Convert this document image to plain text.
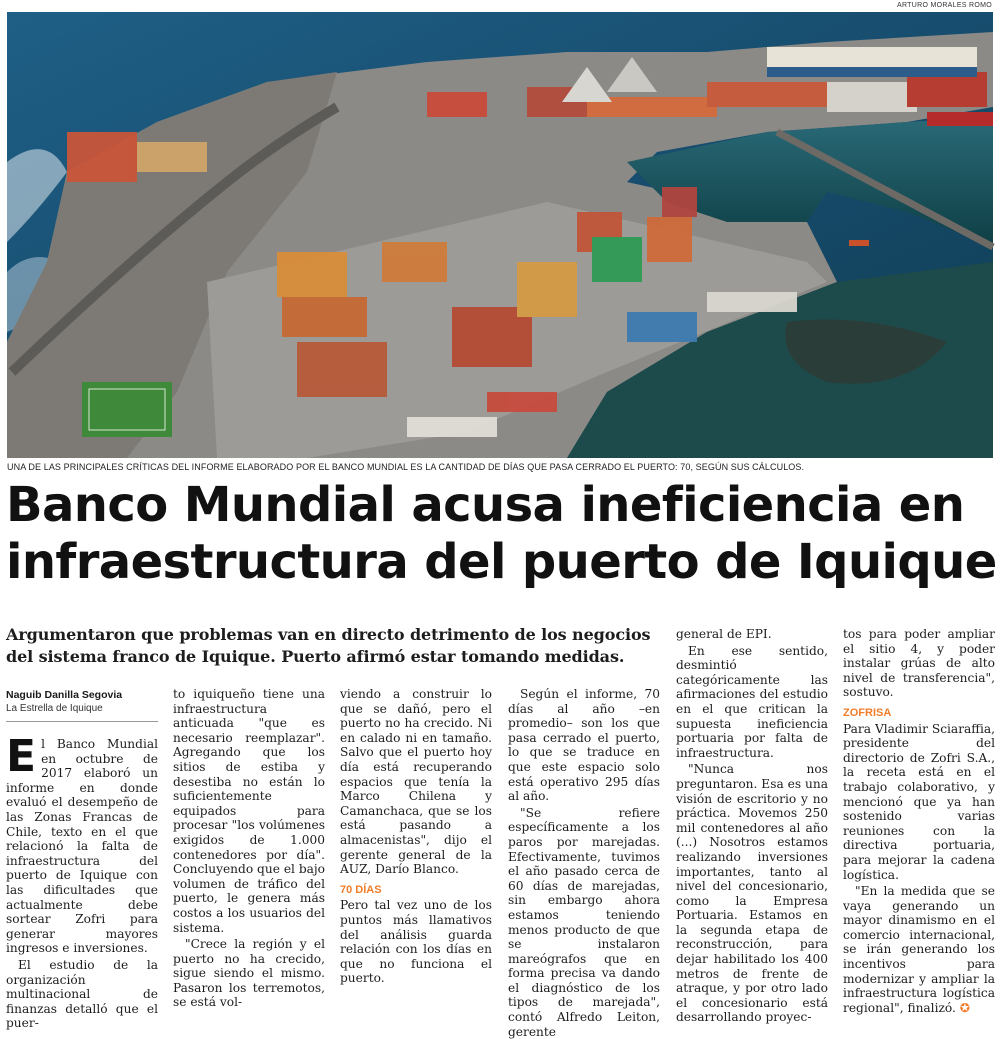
ARTURO MORALES ROMO
UNA DE LAS PRINCIPALES CRÍTICAS DEL INFORME ELABORADO POR EL BANCO MUNDIAL ES LA CANTIDAD DE DÍAS QUE PASA CERRADO EL PUERTO: 70, SEGÚN SUS CÁLCULOS.
Banco Mundial acusa ineficiencia en
infraestructura del puerto de Iquique
Argumentaron que problemas van en directo detrimento de los negocios del sistema franco de Iquique. Puerto afirmó estar tomando medidas.
Naguib Danilla Segovia
La Estrella de Iquique

El Banco Mundial en octubre de 2017 elaboró un informe en donde evaluó el desempeño de las Zonas Francas de Chile, texto en el que relacionó la falta de infraestructura del puerto de Iquique con las dificultades que actualmente debe sortear Zofri para generar mayores ingresos e inversiones.

El estudio de la organización multinacional de finanzas detalló que el puer-

to iquiqueño tiene una infraestructura anticuada "que es necesario reemplazar". Agregando que los sitios de estiba y desestiba no están lo suficientemente equipados para procesar "los volúmenes exigidos de 1.000 contenedores por día". Concluyendo que el bajo volumen de tráfico del puerto, le genera más costos a los usuarios del sistema.

"Crece la región y el puerto no ha crecido, sigue siendo el mismo. Pasaron los terremotos, se está vol-

viendo a construir lo que se dañó, pero el puerto no ha crecido. Ni en calado ni en tamaño. Salvo que el puerto hoy día está recuperando espacios que tenía la Marco Chilena y Camanchaca, que se los está pasando a almacenistas", dijo el gerente general de la AUZ, Darío Blanco.

70 DÍAS

Pero tal vez uno de los puntos más llamativos del análisis guarda relación con los días en que no funciona el puerto.

Según el informe, 70 días al año –en promedio– son los que pasa cerrado el puerto, lo que se traduce en que este espacio solo está operativo 295 días al año.

"Se refiere específicamente a los paros por marejadas. Efectivamente, tuvimos el año pasado cerca de 60 días de marejadas, sin embargo ahora estamos teniendo menos producto de que se instalaron mareógrafos que en forma precisa va dando el diagnóstico de los tipos de marejada", contó Alfredo Leiton, gerente

general de EPI.

En ese sentido, desmintió categóricamente las afirmaciones del estudio en el que critican la supuesta ineficiencia portuaria por falta de infraestructura.

"Nunca nos preguntaron. Esa es una visión de escritorio y no práctica. Movemos 250 mil contenedores al año (...) Nosotros estamos realizando inversiones importantes, tanto al nivel del concesionario, como la Empresa Portuaria. Estamos en la segunda etapa de reconstrucción, para dejar habilitado los 400 metros de frente de atraque, y por otro lado el concesionario está desarrollando proyec-

tos para poder ampliar el sitio 4, y poder instalar grúas de alto nivel de transferencia", sostuvo.

ZOFRISA

Para Vladimir Sciaraffia, presidente del directorio de Zofri S.A., la receta está en el trabajo colaborativo, y mencionó que ya han sostenido varias reuniones con la directiva portuaria, para mejorar la cadena logística.

"En la medida que se vaya generando un mayor dinamismo en el comercio internacional, se irán generando los incentivos para modernizar y ampliar la infraestructura logística regional", finalizó. ✪
